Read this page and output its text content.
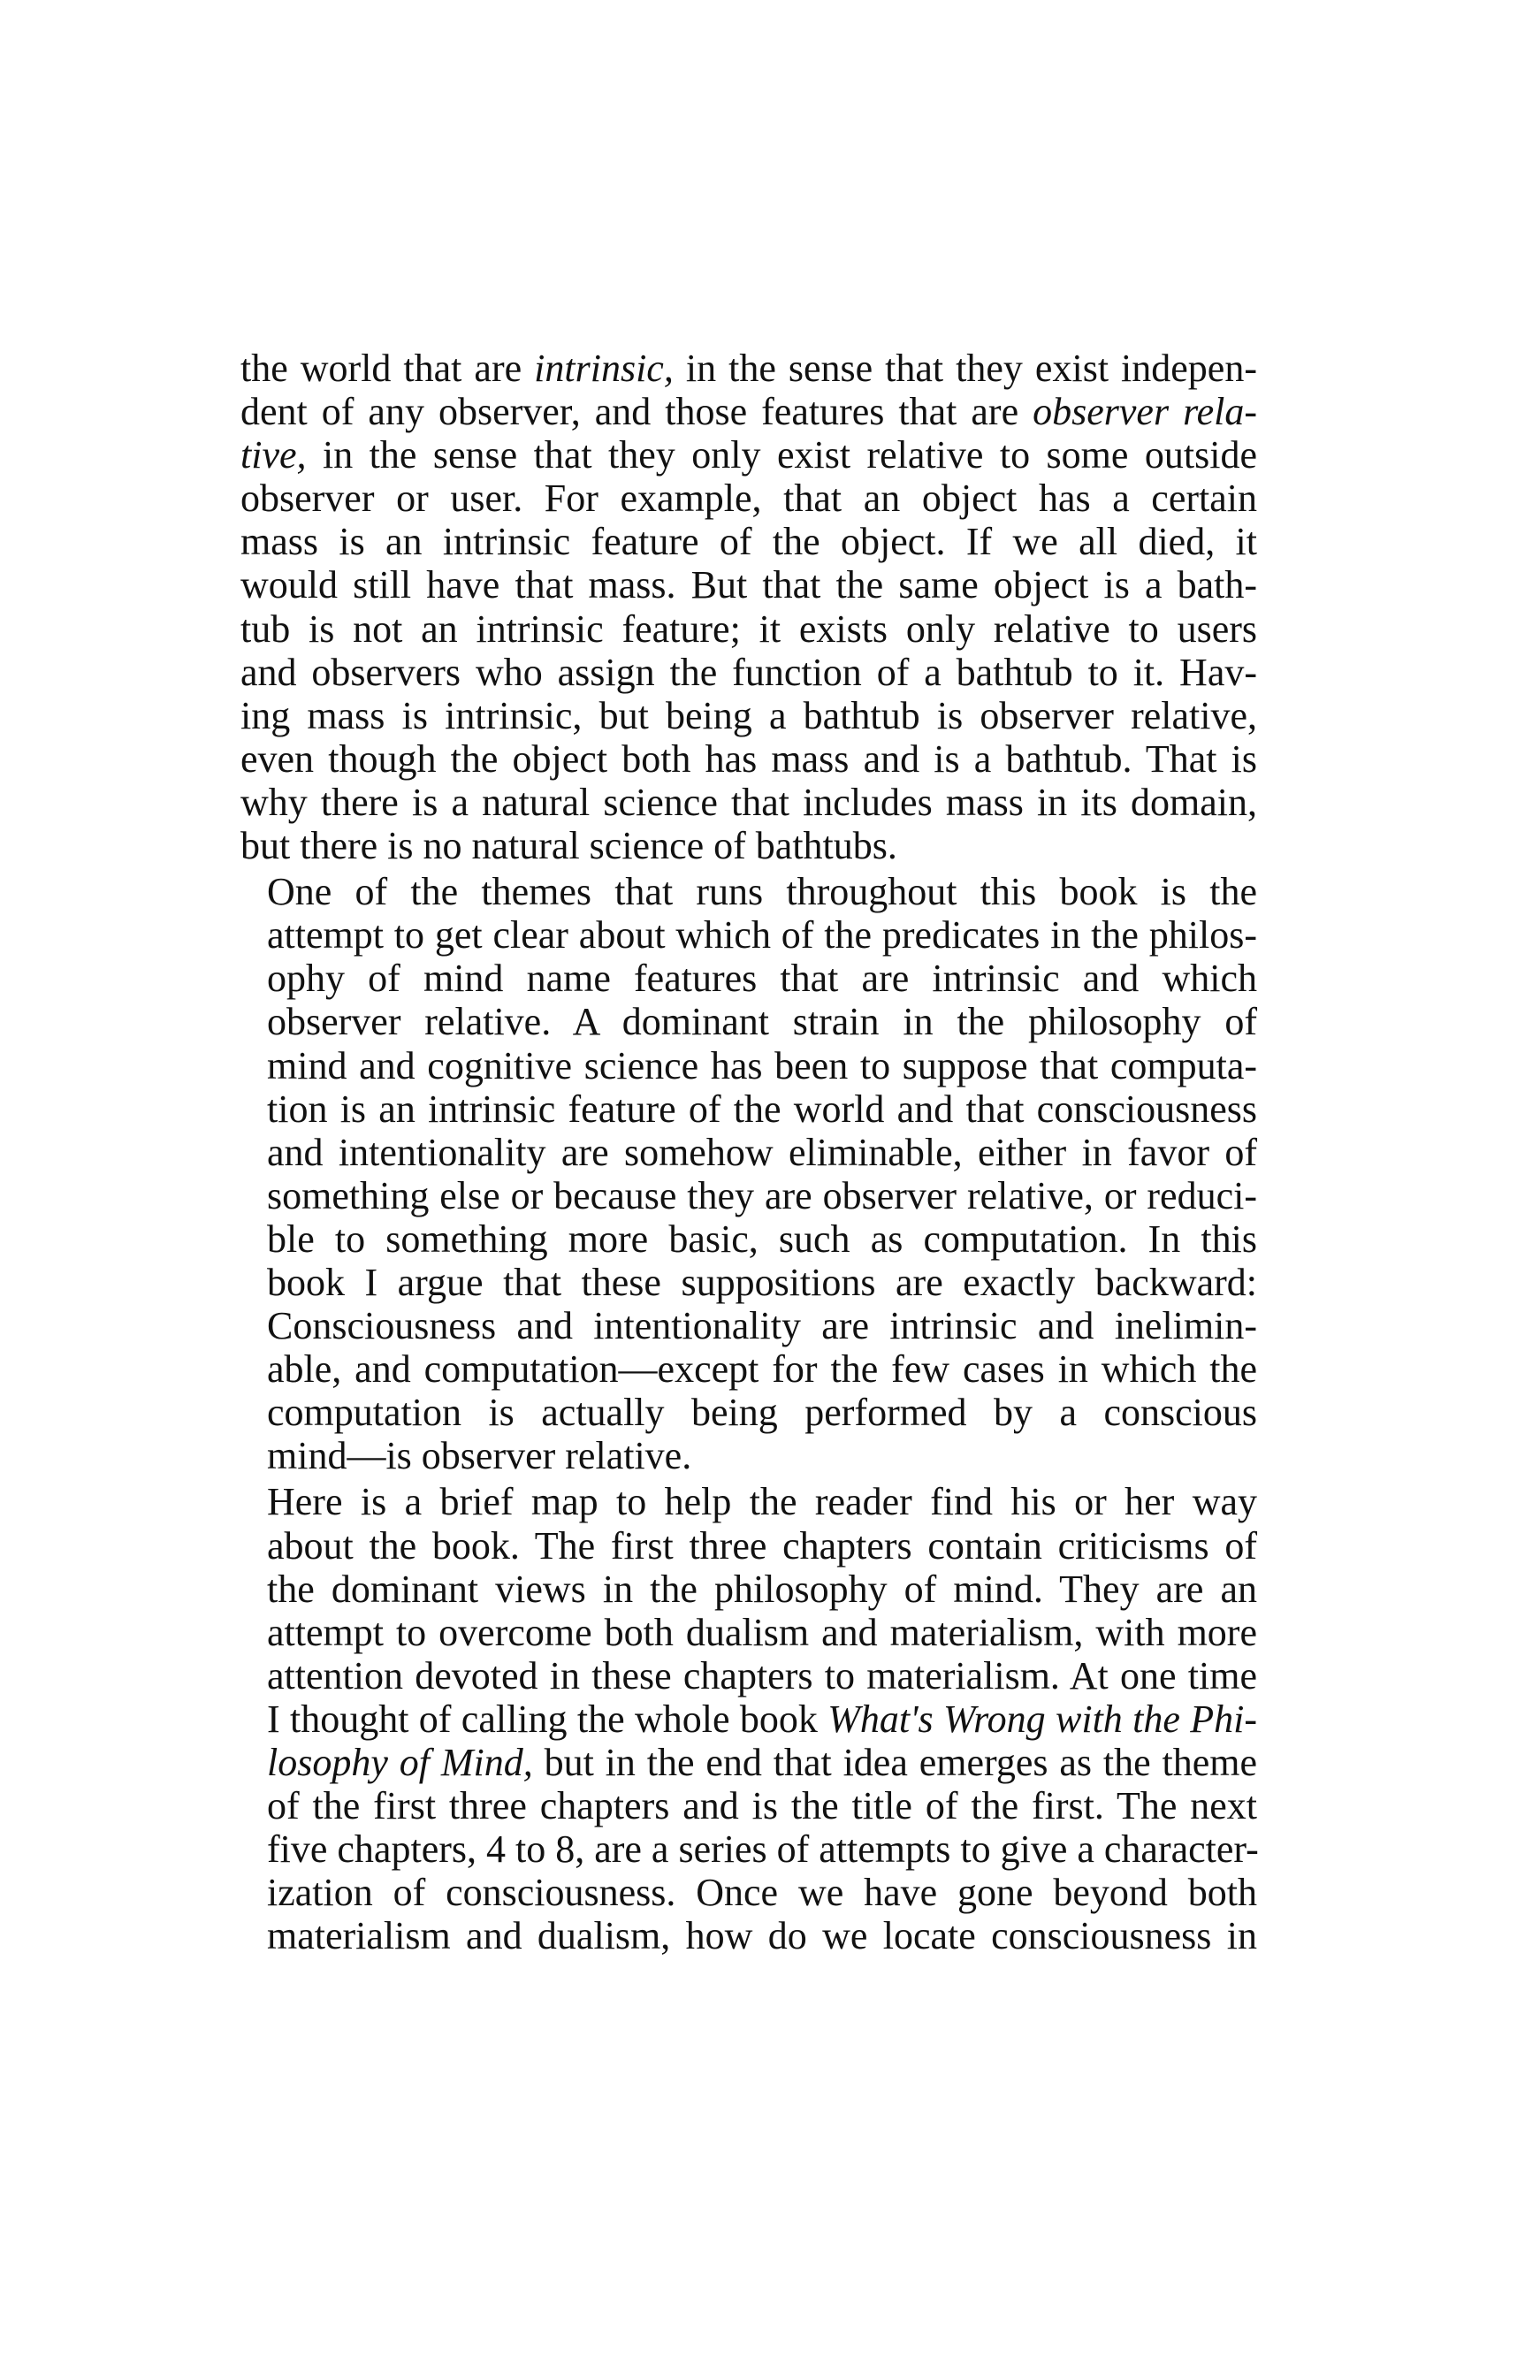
the world that are intrinsic, in the sense that they exist indepen-
dent of any observer, and those features that are observer rela-
tive, in the sense that they only exist relative to some outside
observer or user. For example, that an object has a certain
mass is an intrinsic feature of the object. If we all died, it
would still have that mass. But that the same object is a bath-
tub is not an intrinsic feature; it exists only relative to users
and observers who assign the function of a bathtub to it. Hav-
ing mass is intrinsic, but being a bathtub is observer relative,
even though the object both has mass and is a bathtub. That is
why there is a natural science that includes mass in its domain,
but there is no natural science of bathtubs.
One of the themes that runs throughout this book is the
attempt to get clear about which of the predicates in the philos-
ophy of mind name features that are intrinsic and which
observer relative. A dominant strain in the philosophy of
mind and cognitive science has been to suppose that computa-
tion is an intrinsic feature of the world and that consciousness
and intentionality are somehow eliminable, either in favor of
something else or because they are observer relative, or reduci-
ble to something more basic, such as computation. In this
book I argue that these suppositions are exactly backward:
Consciousness and intentionality are intrinsic and inelimin-
able, and computation—except for the few cases in which the
computation is actually being performed by a conscious
mind—is observer relative.
Here is a brief map to help the reader find his or her way
about the book. The first three chapters contain criticisms of
the dominant views in the philosophy of mind. They are an
attempt to overcome both dualism and materialism, with more
attention devoted in these chapters to materialism. At one time
I thought of calling the whole book What's Wrong with the Phi-
losophy of Mind, but in the end that idea emerges as the theme
of the first three chapters and is the title of the first. The next
five chapters, 4 to 8, are a series of attempts to give a character-
ization of consciousness. Once we have gone beyond both
materialism and dualism, how do we locate consciousness in
